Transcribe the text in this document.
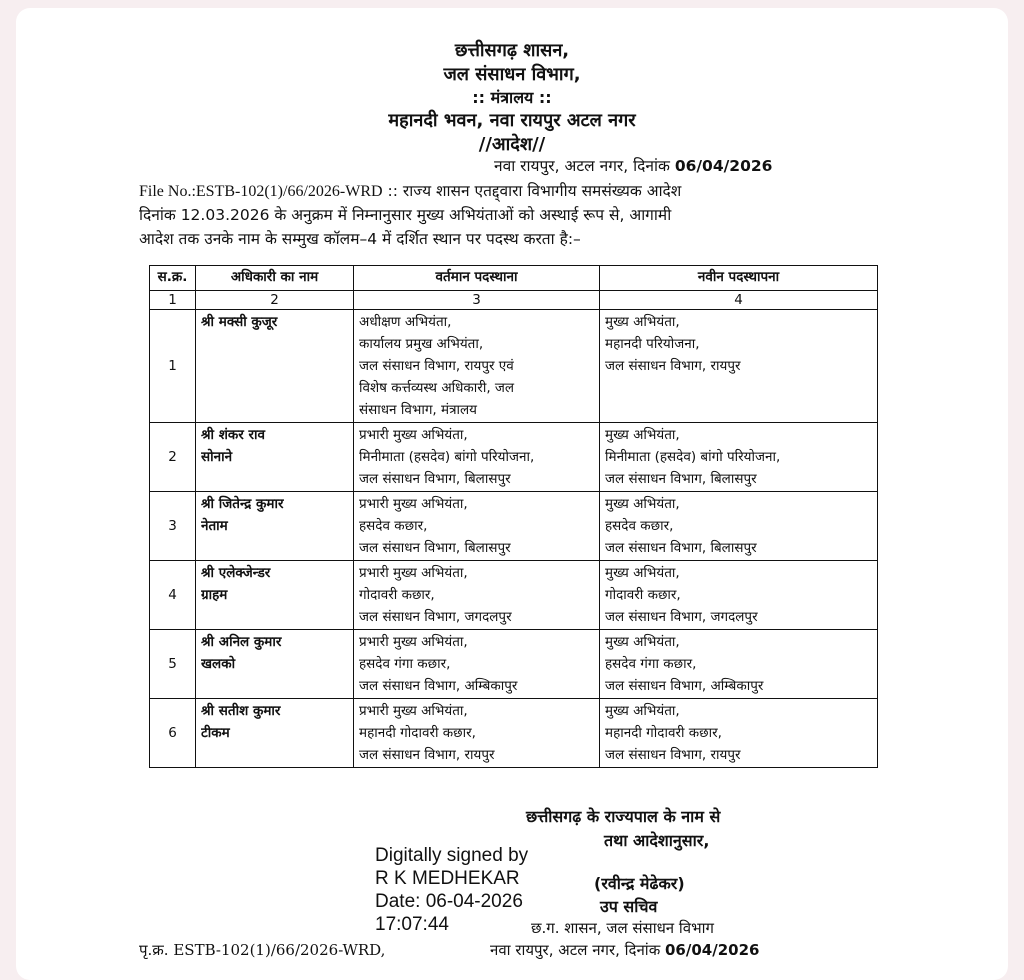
छत्तीसगढ़ शासन,
जल संसाधन विभाग,
:: मंत्रालय ::
महानदी भवन, नवा रायपुर अटल नगर
//आदेश//
नवा रायपुर, अटल नगर, दिनांक 06/04/2026
File No.:ESTB-102(1)/66/2026-WRD :: राज्य शासन एतद्द्वारा विभागीय समसंख्यक आदेश
दिनांक 12.03.2026 के अनुक्रम में निम्नानुसार मुख्य अभियंताओं को अस्थाई रूप से, आगामी
आदेश तक उनके नाम के सम्मुख कॉलम–4 में दर्शित स्थान पर पदस्थ करता है:–
स.क्र.	अधिकारी का नाम	वर्तमान पदस्थाना	नवीन पदस्थापना
1	2	3	4
1	श्री मक्सी कुजूर	अधीक्षण अभियंता,
कार्यालय प्रमुख अभियंता,
जल संसाधन विभाग, रायपुर एवं
विशेष कर्त्तव्यस्थ अधिकारी, जल
संसाधन विभाग, मंत्रालय	मुख्य अभियंता,
महानदी परियोजना,
जल संसाधन विभाग, रायपुर

2	श्री शंकर राव
सोनाने	प्रभारी मुख्य अभियंता,
मिनीमाता (हसदेव) बांगो परियोजना,
जल संसाधन विभाग, बिलासपुर	मुख्य अभियंता,
मिनीमाता (हसदेव) बांगो परियोजना,
जल संसाधन विभाग, बिलासपुर

3	श्री जितेन्द्र कुमार
नेताम	प्रभारी मुख्य अभियंता,
हसदेव कछार,
जल संसाधन विभाग, बिलासपुर	मुख्य अभियंता,
हसदेव कछार,
जल संसाधन विभाग, बिलासपुर

4	श्री एलेक्जेन्डर
ग्राहम	प्रभारी मुख्य अभियंता,
गोदावरी कछार,
जल संसाधन विभाग, जगदलपुर	मुख्य अभियंता,
गोदावरी कछार,
जल संसाधन विभाग, जगदलपुर

5	श्री अनिल कुमार
खलको	प्रभारी मुख्य अभियंता,
हसदेव गंगा कछार,
जल संसाधन विभाग, अम्बिकापुर	मुख्य अभियंता,
हसदेव गंगा कछार,
जल संसाधन विभाग, अम्बिकापुर

6	श्री सतीश कुमार
टीकम	प्रभारी मुख्य अभियंता,
महानदी गोदावरी कछार,
जल संसाधन विभाग, रायपुर	मुख्य अभियंता,
महानदी गोदावरी कछार,
जल संसाधन विभाग, रायपुर
छत्तीसगढ़ के राज्यपाल के नाम से
तथा आदेशानुसार,
Digitally signed by
R K MEDHEKAR
Date: 06-04-2026
17:07:44
(रवीन्द्र मेढेकर)
उप सचिव
छ.ग. शासन, जल संसाधन विभाग
पृ.क्र. ESTB-102(1)/66/2026-WRD,	नवा रायपुर, अटल नगर, दिनांक 06/04/2026
